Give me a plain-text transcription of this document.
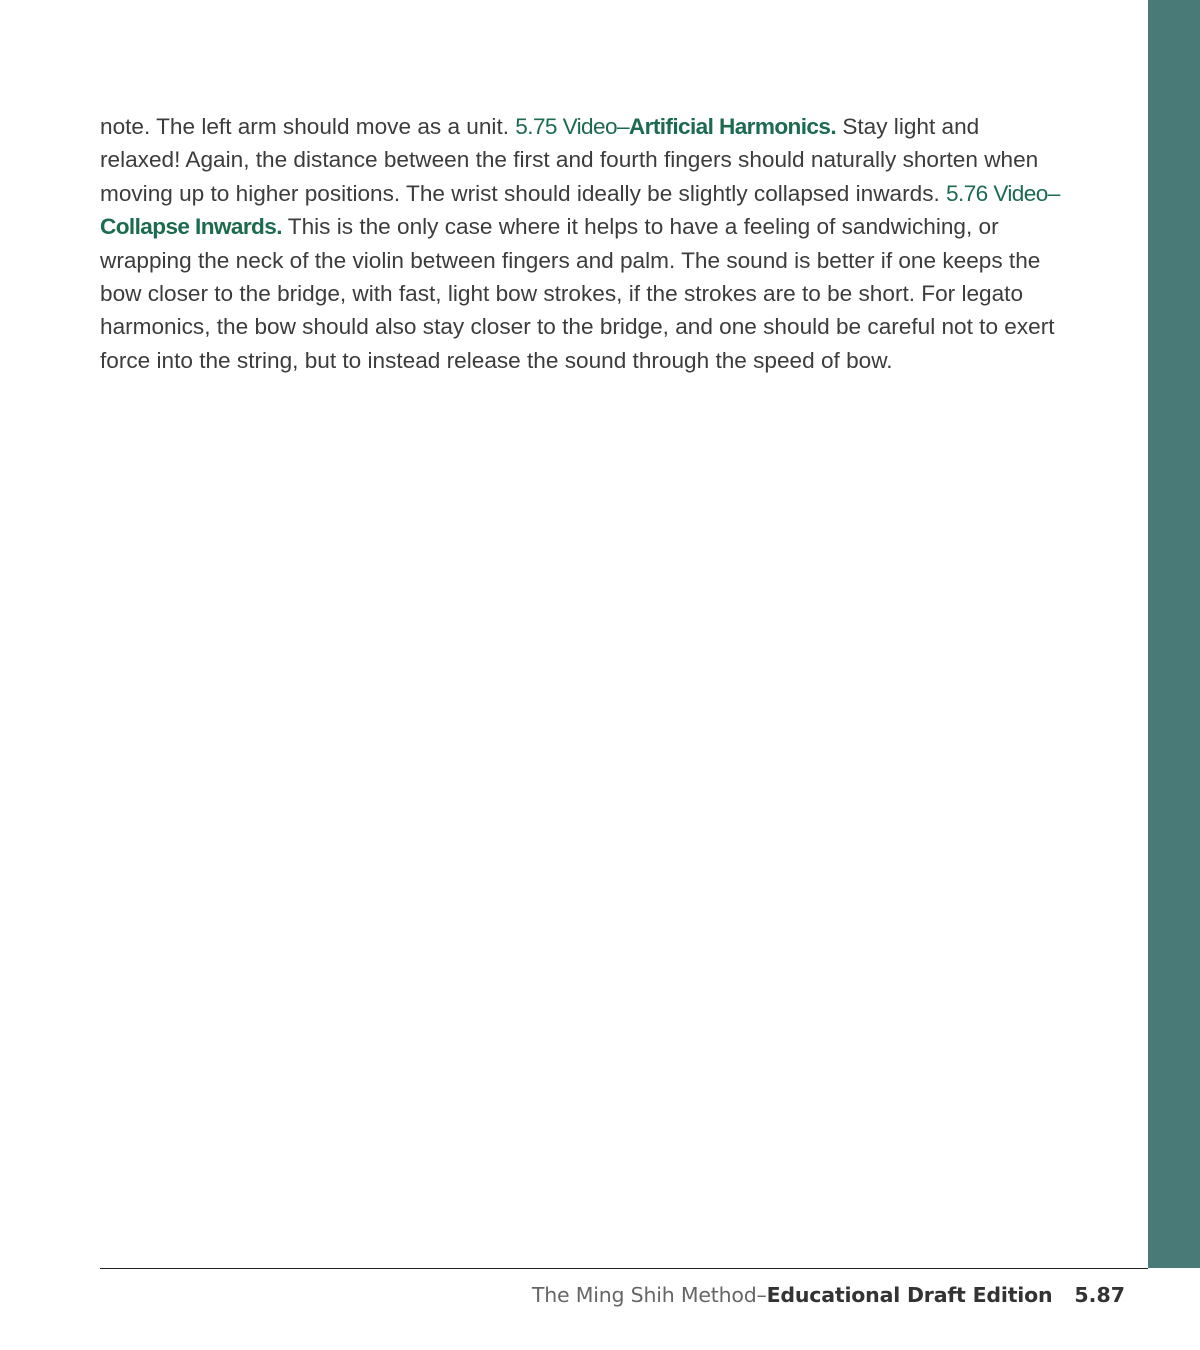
note. The left arm should move as a unit. 5.75 Video–Artificial Harmonics. Stay light and relaxed! Again, the distance between the first and fourth fingers should naturally shorten when moving up to higher positions. The wrist should ideally be slightly collapsed inwards. 5.76 Video–Collapse Inwards. This is the only case where it helps to have a feeling of sandwiching, or wrapping the neck of the violin between fingers and palm. The sound is better if one keeps the bow closer to the bridge, with fast, light bow strokes, if the strokes are to be short. For legato harmonics, the bow should also stay closer to the bridge, and one should be careful not to exert force into the string, but to instead release the sound through the speed of bow.

The Ming Shih Method–Educational Draft Edition 5.87
